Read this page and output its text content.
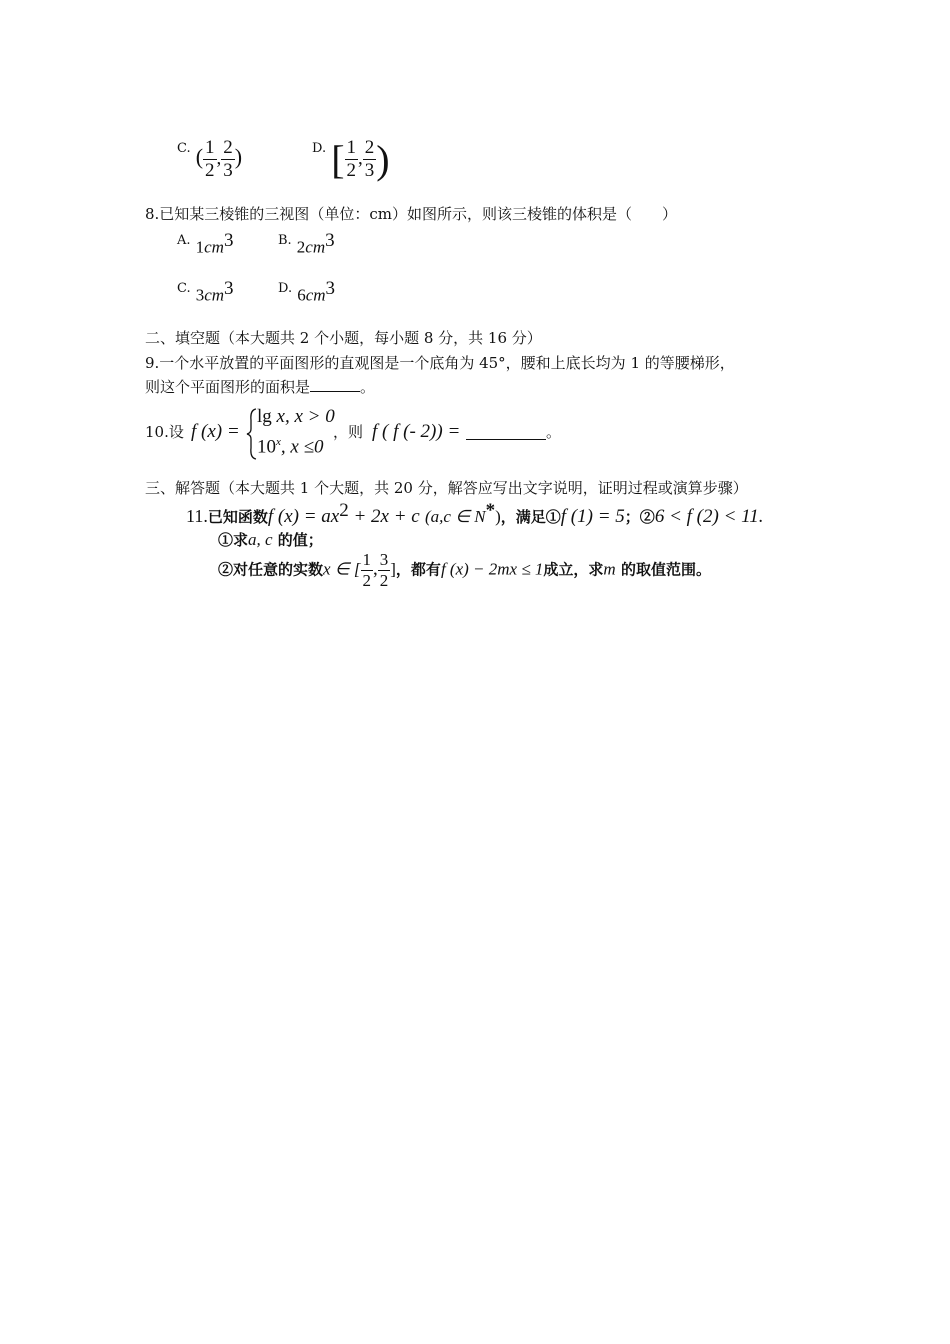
$^{C.}$ ( $\frac{1}{2}$ , $\frac{2}{3}$ )	$^{D.}$ [ $\frac{1}{2}$ , $\frac{2}{3}$ )
8.已知某三棱锥的三视图（单位：cm）如图所示，则该三棱锥的体积是（　　）
$^{A.}$ $1cm^3$	$^{B.}$ $2cm^3$
$^{C.}$ $3cm^3$	$^{D.}$ $6cm^3$
二、填空题（本大题共 2 个小题，每小题 8 分，共 16 分）
9.一个水平放置的平面图形的直观图是一个底角为 45°，腰和上底长均为 1 的等腰梯形，
则这个平面图形的面积是	。
10.设 f (x) =
lg x, x > 0
10$^x$, x ≤0
，则 f ( f (- 2)) =	。
三、解答题（本大题共 1 个大题，共 20 分，解答应写出文字说明，证明过程或演算步骤）
11.已知函数f $(x) = ax^2 + 2x + c$ (a,c ∈ N*)，满足①f (1) = 5；②6 < f (2) < 11.
①求a, c 的值；
②对任意的实数x ∈ [ $\frac{1}{2}$ , $\frac{3}{2}$ ]，都有f (x) − 2mx ≤ 1成立，求m 的取值范围。
